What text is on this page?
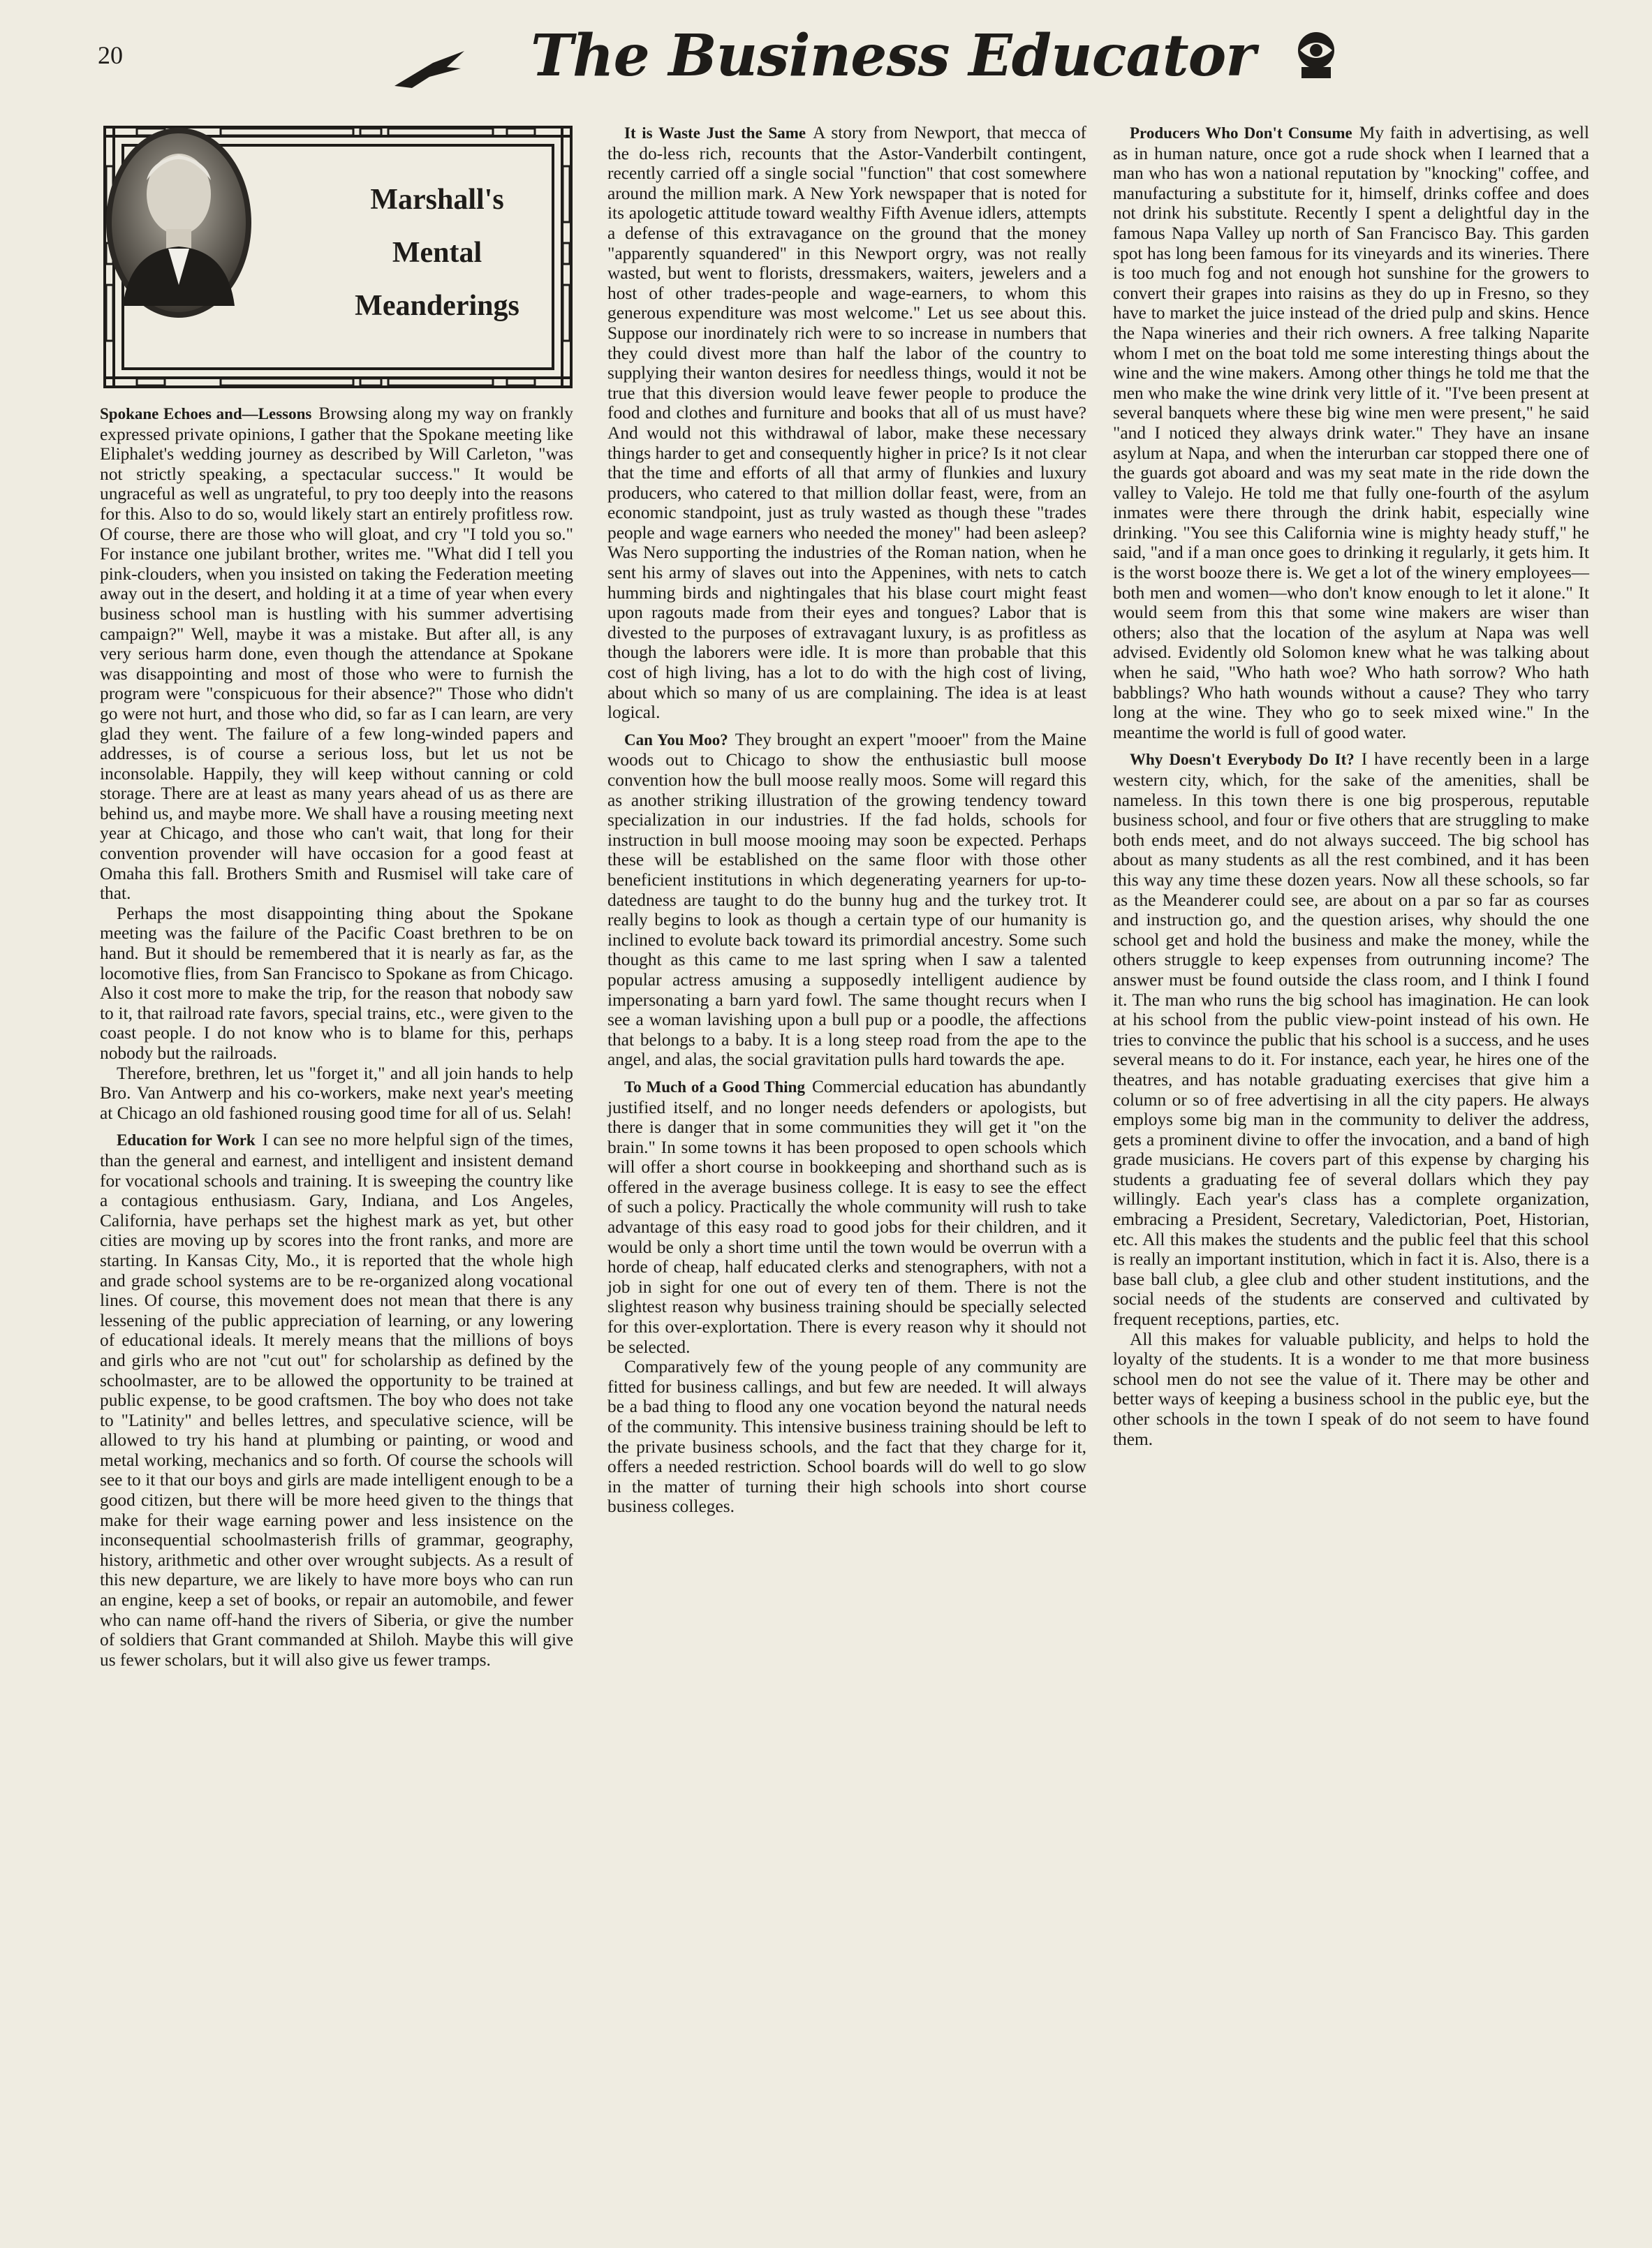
20	The Business Educator
Marshall's
Mental
Meanderings

Spokane Echoes and—Lessons Browsing along my way on frankly expressed private opinions, I gather that the Spokane meeting like Eliphalet's wedding journey as described by Will Carleton, "was not strictly speaking, a spectacular success." It would be ungraceful as well as ungrateful, to pry too deeply into the reasons for this. Also to do so, would likely start an entirely profitless row. Of course, there are those who will gloat, and cry "I told you so." For instance one jubilant brother, writes me. "What did I tell you pink-clouders, when you insisted on taking the Federation meeting away out in the desert, and holding it at a time of year when every business school man is hustling with his summer advertising campaign?" Well, maybe it was a mistake. But after all, is any very serious harm done, even though the attendance at Spokane was disappointing and most of those who were to furnish the program were "conspicuous for their absence?" Those who didn't go were not hurt, and those who did, so far as I can learn, are very glad they went. The failure of a few long-winded papers and addresses, is of course a serious loss, but let us not be inconsolable. Happily, they will keep without canning or cold storage. There are at least as many years ahead of us as there are behind us, and maybe more. We shall have a rousing meeting next year at Chicago, and those who can't wait, that long for their convention provender will have occasion for a good feast at Omaha this fall. Brothers Smith and Rusmisel will take care of that.

Perhaps the most disappointing thing about the Spokane meeting was the failure of the Pacific Coast brethren to be on hand. But it should be remembered that it is nearly as far, as the locomotive flies, from San Francisco to Spokane as from Chicago. Also it cost more to make the trip, for the reason that nobody saw to it, that railroad rate favors, special trains, etc., were given to the coast people. I do not know who is to blame for this, perhaps nobody but the railroads.

Therefore, brethren, let us "forget it," and all join hands to help Bro. Van Antwerp and his co-workers, make next year's meeting at Chicago an old fashioned rousing good time for all of us. Selah!

Education for Work I can see no more helpful sign of the times, than the general and earnest, and intelligent and insistent demand for vocational schools and training. It is sweeping the country like a contagious enthusiasm. Gary, Indiana, and Los Angeles, California, have perhaps set the highest mark as yet, but other cities are moving up by scores into the front ranks, and more are starting. In Kansas City, Mo., it is reported that the whole high and grade school systems are to be re-organized along vocational lines. Of course, this movement does not mean that there is any lessening of the public appreciation of learning, or any lowering of educational ideals. It merely means that the millions of boys and girls who are not "cut out" for scholarship as defined by the schoolmaster, are to be allowed the opportunity to be trained at public expense, to be good craftsmen. The boy who does not take to "Latinity" and belles lettres, and speculative science, will be allowed to try his hand at plumbing or painting, or wood and metal working, mechanics and so forth. Of course the schools will see to it that our boys and girls are made intelligent enough to be a good citizen, but there will be more heed given to the things that make for their wage earning power and less insistence on the inconsequential schoolmasterish frills of grammar, geography, history, arithmetic and other over wrought subjects. As a result of this new departure, we are likely to have more boys who can run an engine, keep a set of books, or repair an automobile, and fewer who can name off-hand the rivers of Siberia, or give the number of soldiers that Grant commanded at Shiloh. Maybe this will give us fewer scholars, but it will also give us fewer tramps.

It is Waste Just the Same A story from Newport, that mecca of the do-less rich, recounts that the Astor-Vanderbilt contingent, recently carried off a single social "function" that cost somewhere around the million mark. A New York newspaper that is noted for its apologetic attitude toward wealthy Fifth Avenue idlers, attempts a defense of this extravagance on the ground that the money "apparently squandered" in this Newport orgry, was not really wasted, but went to florists, dressmakers, waiters, jewelers and a host of other trades-people and wage-earners, to whom this generous expenditure was most welcome." Let us see about this. Suppose our inordinately rich were to so increase in numbers that they could divest more than half the labor of the country to supplying their wanton desires for needless things, would it not be true that this diversion would leave fewer people to produce the food and clothes and furniture and books that all of us must have? And would not this withdrawal of labor, make these necessary things harder to get and consequently higher in price? Is it not clear that the time and efforts of all that army of flunkies and luxury producers, who catered to that million dollar feast, were, from an economic standpoint, just as truly wasted as though these "trades people and wage earners who needed the money" had been asleep? Was Nero supporting the industries of the Roman nation, when he sent his army of slaves out into the Appenines, with nets to catch humming birds and nightingales that his blase court might feast upon ragouts made from their eyes and tongues? Labor that is divested to the purposes of extravagant luxury, is as profitless as though the laborers were idle. It is more than probable that this cost of high living, has a lot to do with the high cost of living, about which so many of us are complaining. The idea is at least logical.

Can You Moo? They brought an expert "mooer" from the Maine woods out to Chicago to show the enthusiastic bull moose convention how the bull moose really moos. Some will regard this as another striking illustration of the growing tendency toward specialization in our industries. If the fad holds, schools for instruction in bull moose mooing may soon be expected. Perhaps these will be established on the same floor with those other beneficient institutions in which degenerating yearners for up-to-datedness are taught to do the bunny hug and the turkey trot. It really begins to look as though a certain type of our humanity is inclined to evolute back toward its primordial ancestry. Some such thought as this came to me last spring when I saw a talented popular actress amusing a supposedly intelligent audience by impersonating a barn yard fowl. The same thought recurs when I see a woman lavishing upon a bull pup or a poodle, the affections that belongs to a baby. It is a long steep road from the ape to the angel, and alas, the social gravitation pulls hard towards the ape.

To Much of a Good Thing Commercial education has abundantly justified itself, and no longer needs defenders or apologists, but there is danger that in some communities they will get it "on the brain." In some towns it has been proposed to open schools which will offer a short course in bookkeeping and shorthand such as is offered in the average business college. It is easy to see the effect of such a policy. Practically the whole community will rush to take advantage of this easy road to good jobs for their children, and it would be only a short time until the town would be overrun with a horde of cheap, half educated clerks and stenographers, with not a job in sight for one out of every ten of them. There is not the slightest reason why business training should be specially selected for this over-explortation. There is every reason why it should not be selected.

Comparatively few of the young people of any community are fitted for business callings, and but few are needed. It will always be a bad thing to flood any one vocation beyond the natural needs of the community. This intensive business training should be left to the private business schools, and the fact that they charge for it, offers a needed restriction. School boards will do well to go slow in the matter of turning their high schools into short course business colleges.

Producers Who Don't Consume My faith in advertising, as well as in human nature, once got a rude shock when I learned that a man who has won a national reputation by "knocking" coffee, and manufacturing a substitute for it, himself, drinks coffee and does not drink his substitute. Recently I spent a delightful day in the famous Napa Valley up north of San Francisco Bay. This garden spot has long been famous for its vineyards and its wineries. There is too much fog and not enough hot sunshine for the growers to convert their grapes into raisins as they do up in Fresno, so they have to market the juice instead of the dried pulp and skins. Hence the Napa wineries and their rich owners. A free talking Naparite whom I met on the boat told me some interesting things about the wine and the wine makers. Among other things he told me that the men who make the wine drink very little of it. "I've been present at several banquets where these big wine men were present," he said "and I noticed they always drink water." They have an insane asylum at Napa, and when the interurban car stopped there one of the guards got aboard and was my seat mate in the ride down the valley to Valejo. He told me that fully one-fourth of the asylum inmates were there through the drink habit, especially wine drinking. "You see this California wine is mighty heady stuff," he said, "and if a man once goes to drinking it regularly, it gets him. It is the worst booze there is. We get a lot of the winery employees—both men and women—who don't know enough to let it alone." It would seem from this that some wine makers are wiser than others; also that the location of the asylum at Napa was well advised. Evidently old Solomon knew what he was talking about when he said, "Who hath woe? Who hath sorrow? Who hath babblings? Who hath wounds without a cause? They who tarry long at the wine. They who go to seek mixed wine." In the meantime the world is full of good water.

Why Doesn't Everybody Do It? I have recently been in a large western city, which, for the sake of the amenities, shall be nameless. In this town there is one big prosperous, reputable business school, and four or five others that are struggling to make both ends meet, and do not always succeed. The big school has about as many students as all the rest combined, and it has been this way any time these dozen years. Now all these schools, so far as the Meanderer could see, are about on a par so far as courses and instruction go, and the question arises, why should the one school get and hold the business and make the money, while the others struggle to keep expenses from outrunning income? The answer must be found outside the class room, and I think I found it. The man who runs the big school has imagination. He can look at his school from the public view-point instead of his own. He tries to convince the public that his school is a success, and he uses several means to do it. For instance, each year, he hires one of the theatres, and has notable graduating exercises that give him a column or so of free advertising in all the city papers. He always employs some big man in the community to deliver the address, gets a prominent divine to offer the invocation, and a band of high grade musicians. He covers part of this expense by charging his students a graduating fee of several dollars which they pay willingly. Each year's class has a complete organization, embracing a President, Secretary, Valedictorian, Poet, Historian, etc. All this makes the students and the public feel that this school is really an important institution, which in fact it is. Also, there is a base ball club, a glee club and other student institutions, and the social needs of the students are conserved and cultivated by frequent receptions, parties, etc.

All this makes for valuable publicity, and helps to hold the loyalty of the students. It is a wonder to me that more business school men do not see the value of it. There may be other and better ways of keeping a business school in the public eye, but the other schools in the town I speak of do not seem to have found them.
